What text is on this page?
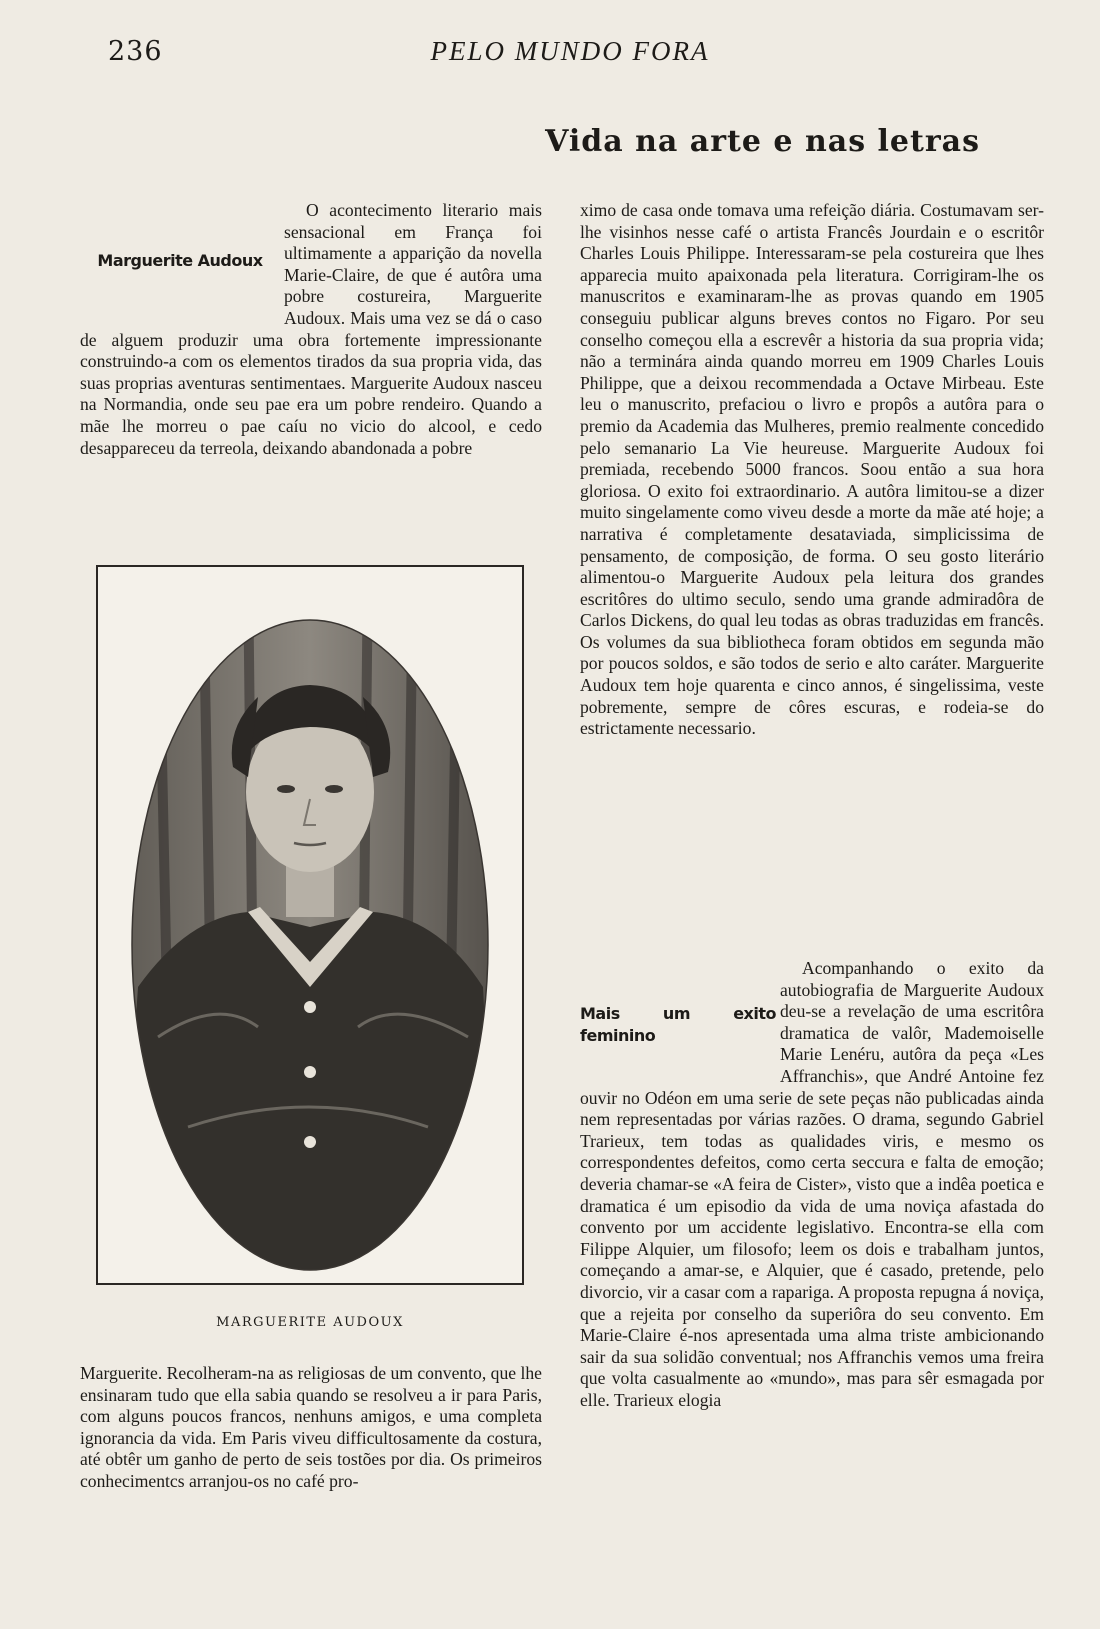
236	PELO MUNDO FORA
Vida na arte e nas letras
Marguerite Audoux

O acontecimento literario mais sensacional em França foi ultimamente a apparição da novella Marie-Claire, de que é autôra uma pobre costureira, Marguerite Audoux. Mais uma vez se dá o caso de alguem produzir uma obra fortemente impressionante construindo-a com os elementos tirados da sua propria vida, das suas proprias aventuras sentimentaes. Marguerite Audoux nasceu na Normandia, onde seu pae era um pobre rendeiro. Quando a mãe lhe morreu o pae caíu no vicio do alcool, e cedo desappareceu da terreola, deixando abandonada a pobre

MARGUERITE AUDOUX

Marguerite. Recolheram-na as religiosas de um convento, que lhe ensinaram tudo que ella sabia quando se resolveu a ir para Paris, com alguns poucos francos, nenhuns amigos, e uma completa ignorancia da vida. Em Paris viveu difficultosamente da costura, até obtêr um ganho de perto de seis tostões por dia. Os primeiros conhecimentcs arranjou-os no café pro-

ximo de casa onde tomava uma refeição diária. Costumavam ser-lhe visinhos nesse café o artista Francês Jourdain e o escritôr Charles Louis Philippe. Interessaram-se pela costureira que lhes apparecia muito apaixonada pela literatura. Corrigiram-lhe os manuscritos e examinaram-lhe as provas quando em 1905 conseguiu publicar alguns breves contos no Figaro. Por seu conselho começou ella a escrevêr a historia da sua propria vida; não a terminára ainda quando morreu em 1909 Charles Louis Philippe, que a deixou recommendada a Octave Mirbeau. Este leu o manuscrito, prefaciou o livro e propôs a autôra para o premio da Academia das Mulheres, premio realmente concedido pelo semanario La Vie heureuse. Marguerite Audoux foi premiada, recebendo 5000 francos. Soou então a sua hora gloriosa. O exito foi extraordinario. A autôra limitou-se a dizer muito singelamente como viveu desde a morte da mãe até hoje; a narrativa é completamente desataviada, simplicissima de pensamento, de composição, de forma. O seu gosto literário alimentou-o Marguerite Audoux pela leitura dos grandes escritôres do ultimo seculo, sendo uma grande admiradôra de Carlos Dickens, do qual leu todas as obras traduzidas em francês. Os volumes da sua bibliotheca foram obtidos em segunda mão por poucos soldos, e são todos de serio e alto caráter. Marguerite Audoux tem hoje quarenta e cinco annos, é singelissima, veste pobremente, sempre de côres escuras, e rodeia-se do estrictamente necessario.

Mais um exito feminino

Acompanhando o exito da autobiografia de Marguerite Audoux deu-se a revelação de uma escritôra dramatica de valôr, Mademoiselle Marie Lenéru, autôra da peça «Les Affranchis», que André Antoine fez ouvir no Odéon em uma serie de sete peças não publicadas ainda nem representadas por várias razões. O drama, segundo Gabriel Trarieux, tem todas as qualidades viris, e mesmo os correspondentes defeitos, como certa seccura e falta de emoção; deveria chamar-se «A feira de Cister», visto que a indêa poetica e dramatica é um episodio da vida de uma noviça afastada do convento por um accidente legislativo. Encontra-se ella com Filippe Alquier, um filosofo; leem os dois e trabalham juntos, começando a amar-se, e Alquier, que é casado, pretende, pelo divorcio, vir a casar com a rapariga. A proposta repugna á noviça, que a rejeita por conselho da superiôra do seu convento. Em Marie-Claire é-nos apresentada uma alma triste ambicionando sair da sua solidão conventual; nos Affranchis vemos uma freira que volta casualmente ao «mundo», mas para sêr esmagada por elle. Trarieux elogia
